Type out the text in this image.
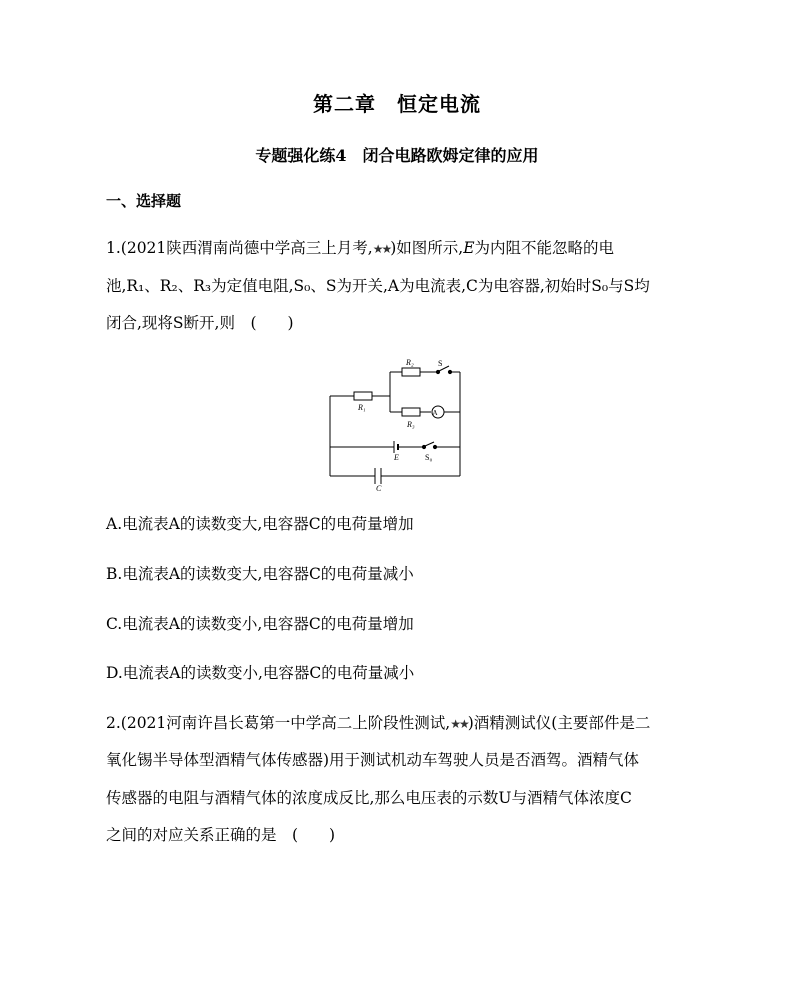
第二章　恒定电流
专题强化练4　闭合电路欧姆定律的应用
一、选择题
1.(2021陕西渭南尚德中学高三上月考,★★)如图所示,E为内阻不能忽略的电
池,R₁、R₂、R₃为定值电阻,S₀、S为开关,A为电流表,C为电容器,初始时S₀与S均
闭合,现将S断开,则　(　　)
R₁
R₂
R₃
E
C
S
A
S₀
A.电流表A的读数变大,电容器C的电荷量增加
B.电流表A的读数变大,电容器C的电荷量减小
C.电流表A的读数变小,电容器C的电荷量增加
D.电流表A的读数变小,电容器C的电荷量减小
2.(2021河南许昌长葛第一中学高二上阶段性测试,★★)酒精测试仪(主要部件是二
氧化锡半导体型酒精气体传感器)用于测试机动车驾驶人员是否酒驾。酒精气体
传感器的电阻与酒精气体的浓度成反比,那么电压表的示数U与酒精气体浓度C
之间的对应关系正确的是　(　　)
